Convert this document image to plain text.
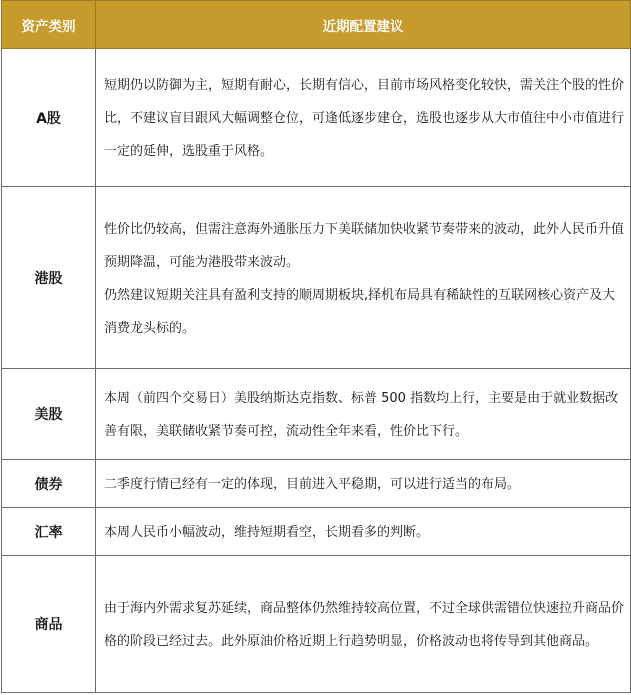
资产类别	近期配置建议
A股	短期仍以防御为主，短期有耐心，长期有信心，目前市场风格变化较快，需关注个股的性价比，不建议盲目跟风大幅调整仓位，可逢低逐步建仓，选股也逐步从大市值往中小市值进行一定的延伸，选股重于风格。

港股	性价比仍较高，但需注意海外通胀压力下美联储加快收紧节奏带来的波动，此外人民币升值预期降温，可能为港股带来波动。

仍然建议短期关注具有盈利支持的顺周期板块,择机布局具有稀缺性的互联网核心资产及大消费龙头标的。

美股	本周（前四个交易日）美股纳斯达克指数、标普 500 指数均上行，主要是由于就业数据改善有限，美联储收紧节奏可控，流动性全年来看，性价比下行。

债券	二季度行情已经有一定的体现，目前进入平稳期，可以进行适当的布局。

汇率	本周人民币小幅波动，维持短期看空，长期看多的判断。

商品	由于海内外需求复苏延续，商品整体仍然维持较高位置，不过全球供需错位快速拉升商品价格的阶段已经过去。此外原油价格近期上行趋势明显，价格波动也将传导到其他商品。
